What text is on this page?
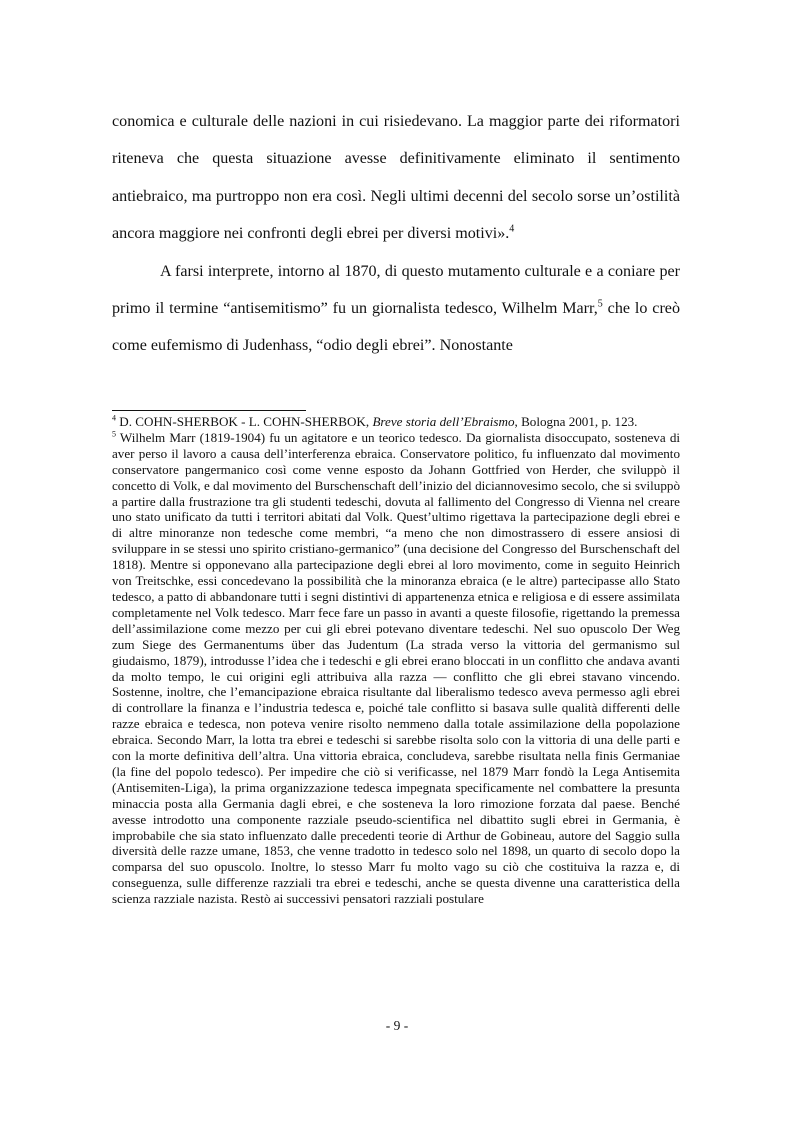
conomica e culturale delle nazioni in cui risiedevano. La maggior parte dei riformatori riteneva che questa situazione avesse definitivamente eliminato il sentimento antiebraico, ma purtroppo non era così. Negli ultimi decenni del secolo sorse un’ostilità ancora maggiore nei confronti degli ebrei per diversi motivi».$^4$

A farsi interprete, intorno al 1870, di questo mutamento culturale e a coniare per primo il termine “antisemitismo” fu un giornalista tedesco, Wilhelm Marr,$^5$ che lo creò come eufemismo di Judenhass, “odio degli ebrei”. Nonostante

$^4$ D. COHN-SHERBOK - L. COHN-SHERBOK, Breve storia dell’Ebraismo, Bologna 2001, p. 123.

$^5$ Wilhelm Marr (1819-1904) fu un agitatore e un teorico tedesco. Da giornalista disoccupato, sosteneva di aver perso il lavoro a causa dell’interferenza ebraica. Conservatore politico, fu influenzato dal movimento conservatore pangermanico così come venne esposto da Johann Gottfried von Herder, che sviluppò il concetto di Volk, e dal movimento del Burschenschaft dell’inizio del diciannovesimo secolo, che si sviluppò a partire dalla frustrazione tra gli studenti tedeschi, dovuta al fallimento del Congresso di Vienna nel creare uno stato unificato da tutti i territori abitati dal Volk. Quest’ultimo rigettava la partecipazione degli ebrei e di altre minoranze non tedesche come membri, “a meno che non dimostrassero di essere ansiosi di sviluppare in se stessi uno spirito cristiano-germanico” (una decisione del Congresso del Burschenschaft del 1818). Mentre si opponevano alla partecipazione degli ebrei al loro movimento, come in seguito Heinrich von Treitschke, essi concedevano la possibilità che la minoranza ebraica (e le altre) partecipasse allo Stato tedesco, a patto di abbandonare tutti i segni distintivi di appartenenza etnica e religiosa e di essere assimilata completamente nel Volk tedesco. Marr fece fare un passo in avanti a queste filosofie, rigettando la premessa dell’assimilazione come mezzo per cui gli ebrei potevano diventare tedeschi. Nel suo opuscolo Der Weg zum Siege des Germanentums über das Judentum (La strada verso la vittoria del germanismo sul giudaismo, 1879), introdusse l’idea che i tedeschi e gli ebrei erano bloccati in un conflitto che andava avanti da molto tempo, le cui origini egli attribuiva alla razza — conflitto che gli ebrei stavano vincendo. Sostenne, inoltre, che l’emancipazione ebraica risultante dal liberalismo tedesco aveva permesso agli ebrei di controllare la finanza e l’industria tedesca e, poiché tale conflitto si basava sulle qualità differenti delle razze ebraica e tedesca, non poteva venire risolto nemmeno dalla totale assimilazione della popolazione ebraica. Secondo Marr, la lotta tra ebrei e tedeschi si sarebbe risolta solo con la vittoria di una delle parti e con la morte definitiva dell’altra. Una vittoria ebraica, concludeva, sarebbe risultata nella finis Germaniae (la fine del popolo tedesco). Per impedire che ciò si verificasse, nel 1879 Marr fondò la Lega Antisemita (Antisemiten-Liga), la prima organizzazione tedesca impegnata specificamente nel combattere la presunta minaccia posta alla Germania dagli ebrei, e che sosteneva la loro rimozione forzata dal paese. Benché avesse introdotto una componente razziale pseudo-scientifica nel dibattito sugli ebrei in Germania, è improbabile che sia stato influenzato dalle precedenti teorie di Arthur de Gobineau, autore del Saggio sulla diversità delle razze umane, 1853, che venne tradotto in tedesco solo nel 1898, un quarto di secolo dopo la comparsa del suo opuscolo. Inoltre, lo stesso Marr fu molto vago su ciò che costituiva la razza e, di conseguenza, sulle differenze razziali tra ebrei e tedeschi, anche se questa divenne una caratteristica della scienza razziale nazista. Restò ai successivi pensatori razziali postulare

- 9 -
